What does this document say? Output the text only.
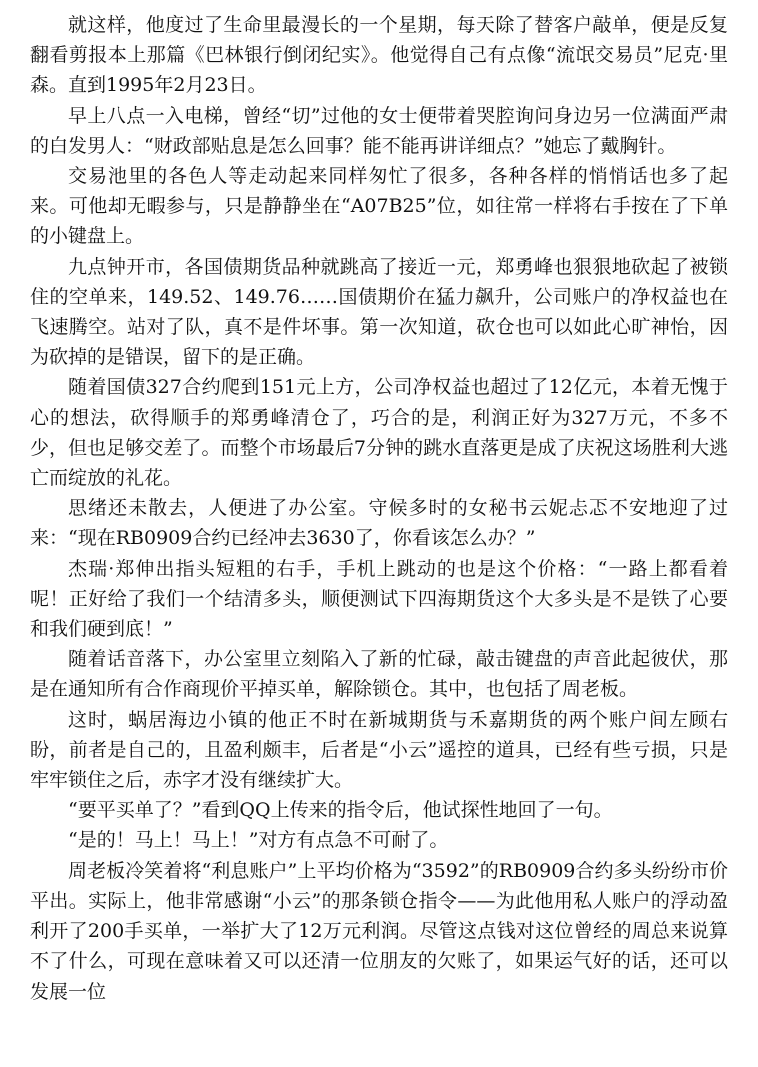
就这样，他度过了生命里最漫长的一个星期，每天除了替客户敲单，便是反复翻看剪报本上那篇《巴林银行倒闭纪实》。他觉得自己有点像“流氓交易员”尼克·里森。直到1995年2月23日。

早上八点一入电梯，曾经“切”过他的女士便带着哭腔询问身边另一位满面严肃的白发男人：“财政部贴息是怎么回事？能不能再讲详细点？”她忘了戴胸针。

交易池里的各色人等走动起来同样匆忙了很多，各种各样的悄悄话也多了起来。可他却无暇参与，只是静静坐在“A07B25”位，如往常一样将右手按在了下单的小键盘上。

九点钟开市，各国债期货品种就跳高了接近一元，郑勇峰也狠狠地砍起了被锁住的空单来，149.52、149.76……国债期价在猛力飙升，公司账户的净权益也在飞速腾空。站对了队，真不是件坏事。第一次知道，砍仓也可以如此心旷神怡，因为砍掉的是错误，留下的是正确。

随着国债327合约爬到151元上方，公司净权益也超过了12亿元，本着无愧于心的想法，砍得顺手的郑勇峰清仓了，巧合的是，利润正好为327万元，不多不少，但也足够交差了。而整个市场最后7分钟的跳水直落更是成了庆祝这场胜利大逃亡而绽放的礼花。

思绪还未散去，人便进了办公室。守候多时的女秘书云妮忐忑不安地迎了过来：“现在RB0909合约已经冲去3630了，你看该怎么办？”

杰瑞·郑伸出指头短粗的右手，手机上跳动的也是这个价格：“一路上都看着呢！正好给了我们一个结清多头，顺便测试下四海期货这个大多头是不是铁了心要和我们硬到底！”

随着话音落下，办公室里立刻陷入了新的忙碌，敲击键盘的声音此起彼伏，那是在通知所有合作商现价平掉买单，解除锁仓。其中，也包括了周老板。

这时，蜗居海边小镇的他正不时在新城期货与禾嘉期货的两个账户间左顾右盼，前者是自己的，且盈利颇丰，后者是“小云”遥控的道具，已经有些亏损，只是牢牢锁住之后，赤字才没有继续扩大。

“要平买单了？”看到QQ上传来的指令后，他试探性地回了一句。

“是的！马上！马上！”对方有点急不可耐了。

周老板冷笑着将“利息账户”上平均价格为“3592”的RB0909合约多头纷纷市价平出。实际上，他非常感谢“小云”的那条锁仓指令——为此他用私人账户的浮动盈利开了200手买单，一举扩大了12万元利润。尽管这点钱对这位曾经的周总来说算不了什么，可现在意味着又可以还清一位朋友的欠账了，如果运气好的话，还可以发展一位
